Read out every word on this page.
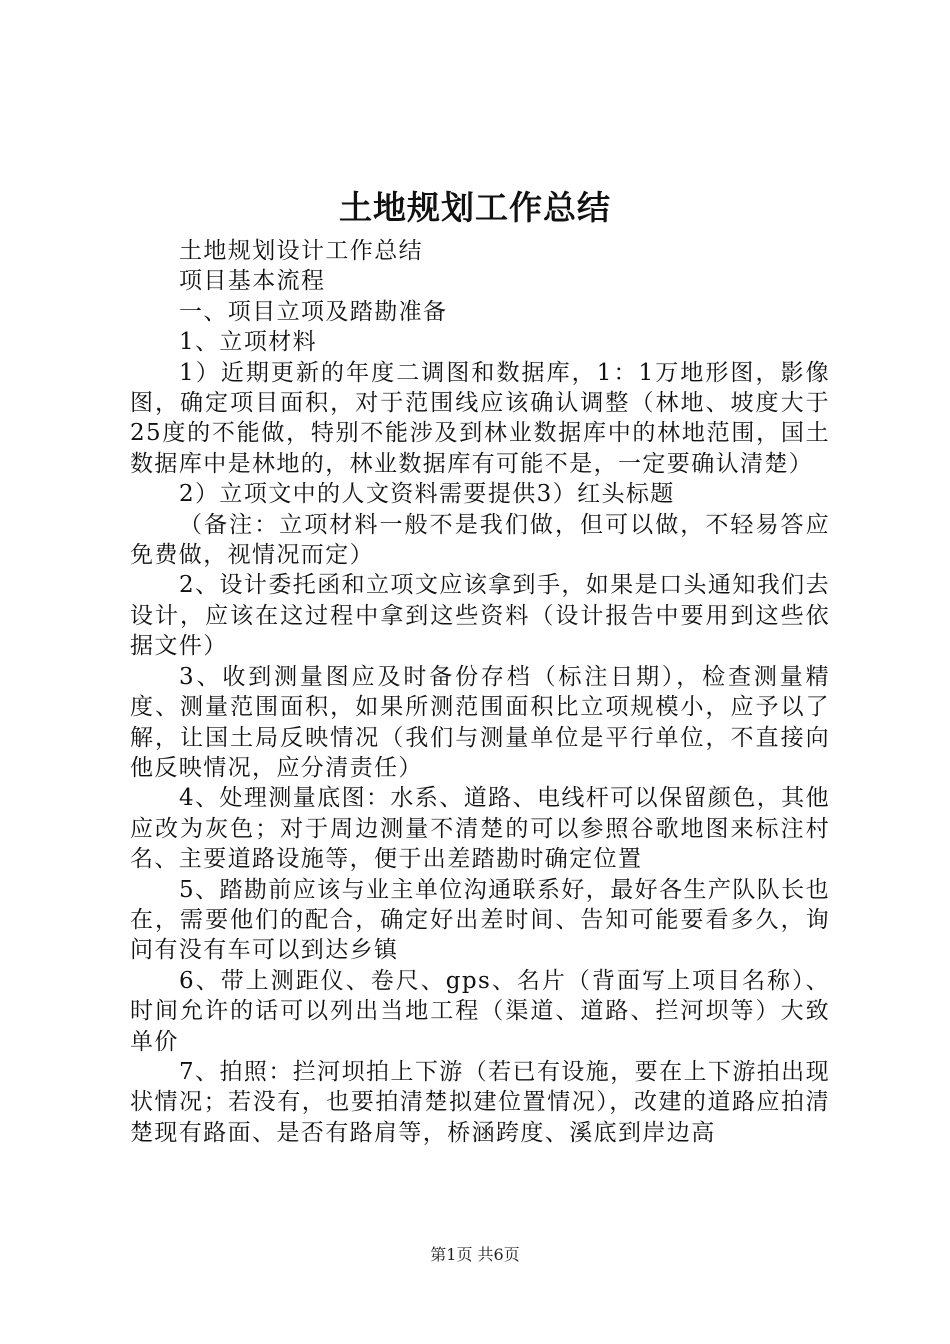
土地规划工作总结

土地规划设计工作总结

项目基本流程

一、项目立项及踏勘准备

1、立项材料

1）近期更新的年度二调图和数据库，1：1万地形图，影像图，确定项目面积，对于范围线应该确认调整（林地、坡度大于25度的不能做，特别不能涉及到林业数据库中的林地范围，国土数据库中是林地的，林业数据库有可能不是，一定要确认清楚）

2）立项文中的人文资料需要提供3）红头标题

（备注：立项材料一般不是我们做，但可以做，不轻易答应免费做，视情况而定）

2、设计委托函和立项文应该拿到手，如果是口头通知我们去设计，应该在这过程中拿到这些资料（设计报告中要用到这些依据文件）

3、收到测量图应及时备份存档（标注日期），检查测量精度、测量范围面积，如果所测范围面积比立项规模小，应予以了解，让国土局反映情况（我们与测量单位是平行单位，不直接向他反映情况，应分清责任）

4、处理测量底图：水系、道路、电线杆可以保留颜色，其他应改为灰色；对于周边测量不清楚的可以参照谷歌地图来标注村名、主要道路设施等，便于出差踏勘时确定位置

5、踏勘前应该与业主单位沟通联系好，最好各生产队队长也在，需要他们的配合，确定好出差时间、告知可能要看多久，询问有没有车可以到达乡镇

6、带上测距仪、卷尺、gps、名片（背面写上项目名称）、时间允许的话可以列出当地工程（渠道、道路、拦河坝等）大致单价

7、拍照：拦河坝拍上下游（若已有设施，要在上下游拍出现状情况；若没有，也要拍清楚拟建位置情况），改建的道路应拍清楚现有路面、是否有路肩等，桥涵跨度、溪底到岸边高

第1页 共6页
